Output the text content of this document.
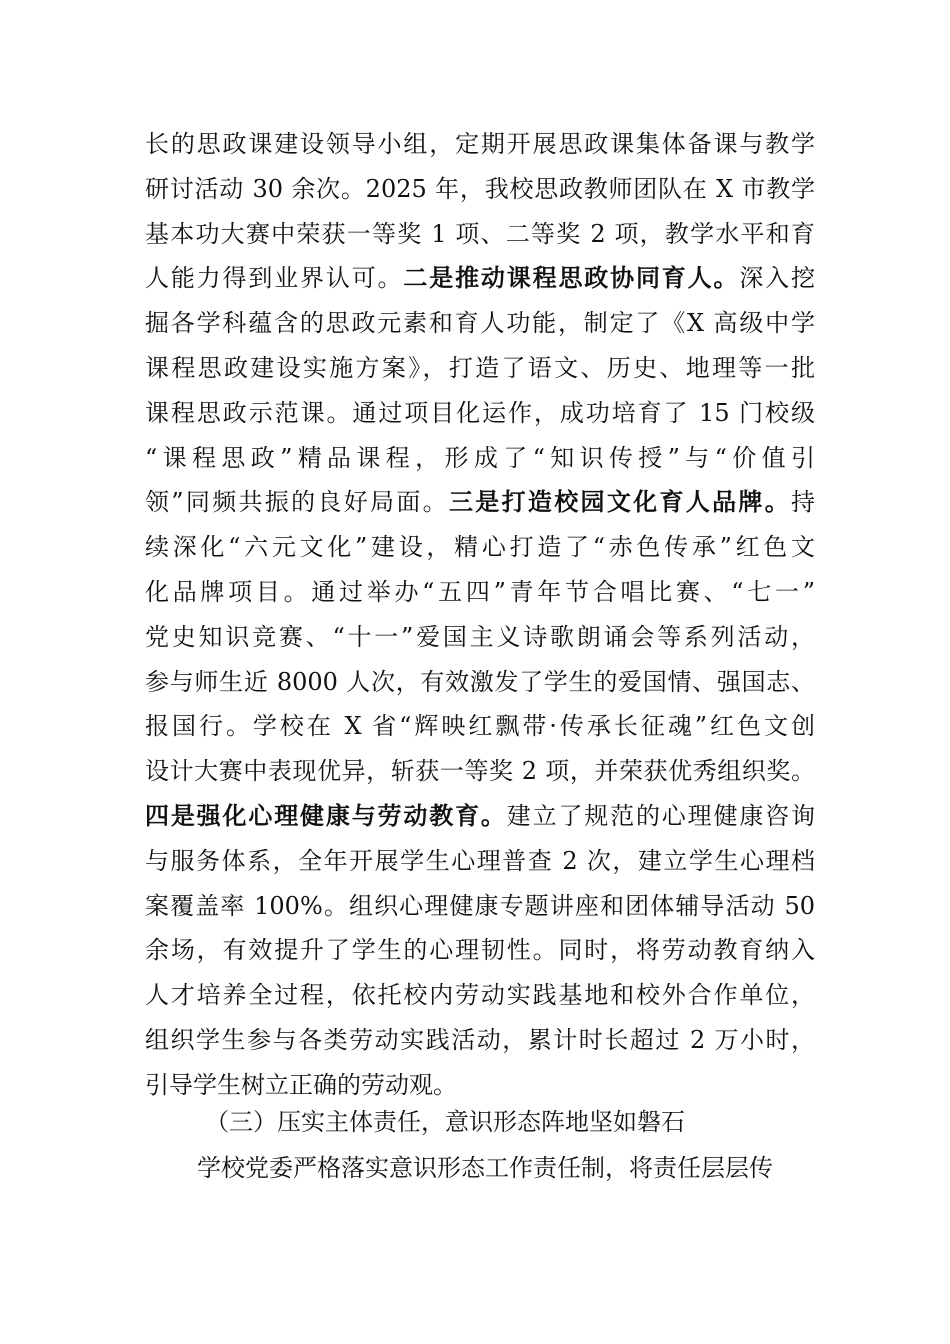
长的思政课建设领导小组，定期开展思政课集体备课与教学
研讨活动 30 余次。2025 年，我校思政教师团队在 X 市教学
基本功大赛中荣获一等奖 1 项、二等奖 2 项，教学水平和育
人能力得到业界认可。二是推动课程思政协同育人。深入挖
掘各学科蕴含的思政元素和育人功能，制定了《X 高级中学
课程思政建设实施方案》，打造了语文、历史、地理等一批
课程思政示范课。通过项目化运作，成功培育了 15 门校级
“课程思政”精品课程，形成了“知识传授”与“价值引
领”同频共振的良好局面。三是打造校园文化育人品牌。持
续深化“六元文化”建设，精心打造了“赤色传承”红色文
化品牌项目。通过举办“五四”青年节合唱比赛、“七一”
党史知识竞赛、“十一”爱国主义诗歌朗诵会等系列活动，
参与师生近 8000 人次，有效激发了学生的爱国情、强国志、
报国行。学校在 X 省“辉映红飘带·传承长征魂”红色文创
设计大赛中表现优异，斩获一等奖 2 项，并荣获优秀组织奖。
四是强化心理健康与劳动教育。建立了规范的心理健康咨询
与服务体系，全年开展学生心理普查 2 次，建立学生心理档
案覆盖率 100%。组织心理健康专题讲座和团体辅导活动 50
余场，有效提升了学生的心理韧性。同时，将劳动教育纳入
人才培养全过程，依托校内劳动实践基地和校外合作单位，
组织学生参与各类劳动实践活动，累计时长超过 2 万小时，
引导学生树立正确的劳动观。
（三）压实主体责任，意识形态阵地坚如磐石
学校党委严格落实意识形态工作责任制，将责任层层传
